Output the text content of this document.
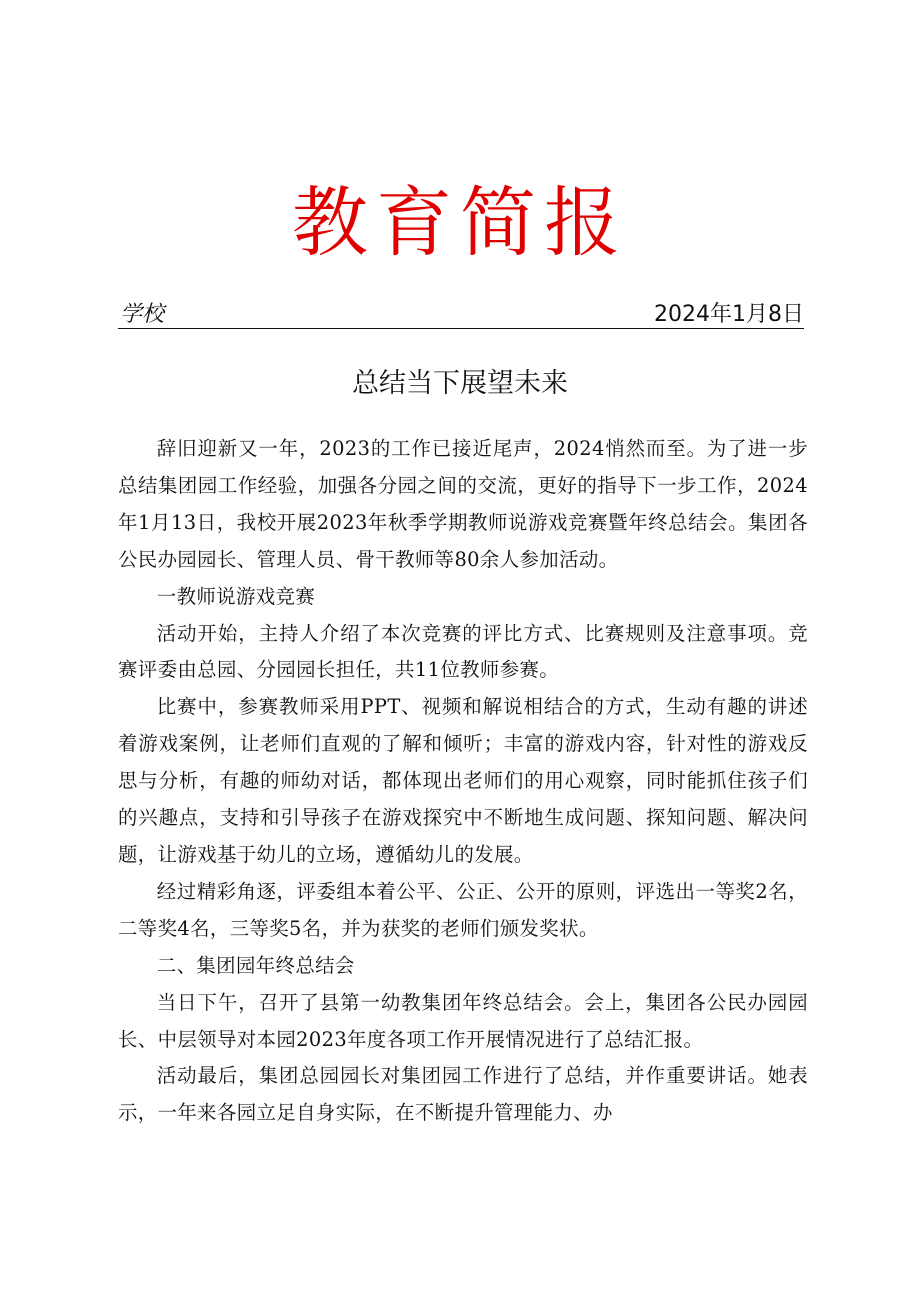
教育简报
学校	2024年1月8日
总结当下展望未来

辞旧迎新又一年，2023的工作已接近尾声，2024悄然而至。为了进一步总结集团园工作经验，加强各分园之间的交流，更好的指导下一步工作，2024年1月13日，我校开展2023年秋季学期教师说游戏竞赛暨年终总结会。集团各公民办园园长、管理人员、骨干教师等80余人参加活动。

一教师说游戏竞赛

活动开始，主持人介绍了本次竞赛的评比方式、比赛规则及注意事项。竞赛评委由总园、分园园长担任，共11位教师参赛。

比赛中，参赛教师采用PPT、视频和解说相结合的方式，生动有趣的讲述着游戏案例，让老师们直观的了解和倾听；丰富的游戏内容，针对性的游戏反思与分析，有趣的师幼对话，都体现出老师们的用心观察，同时能抓住孩子们的兴趣点，支持和引导孩子在游戏探究中不断地生成问题、探知问题、解决问题，让游戏基于幼儿的立场，遵循幼儿的发展。

经过精彩角逐，评委组本着公平、公正、公开的原则，评选出一等奖2名，二等奖4名，三等奖5名，并为获奖的老师们颁发奖状。

二、集团园年终总结会

当日下午，召开了县第一幼教集团年终总结会。会上，集团各公民办园园长、中层领导对本园2023年度各项工作开展情况进行了总结汇报。

活动最后，集团总园园长对集团园工作进行了总结，并作重要讲话。她表示，一年来各园立足自身实际，在不断提升管理能力、办
